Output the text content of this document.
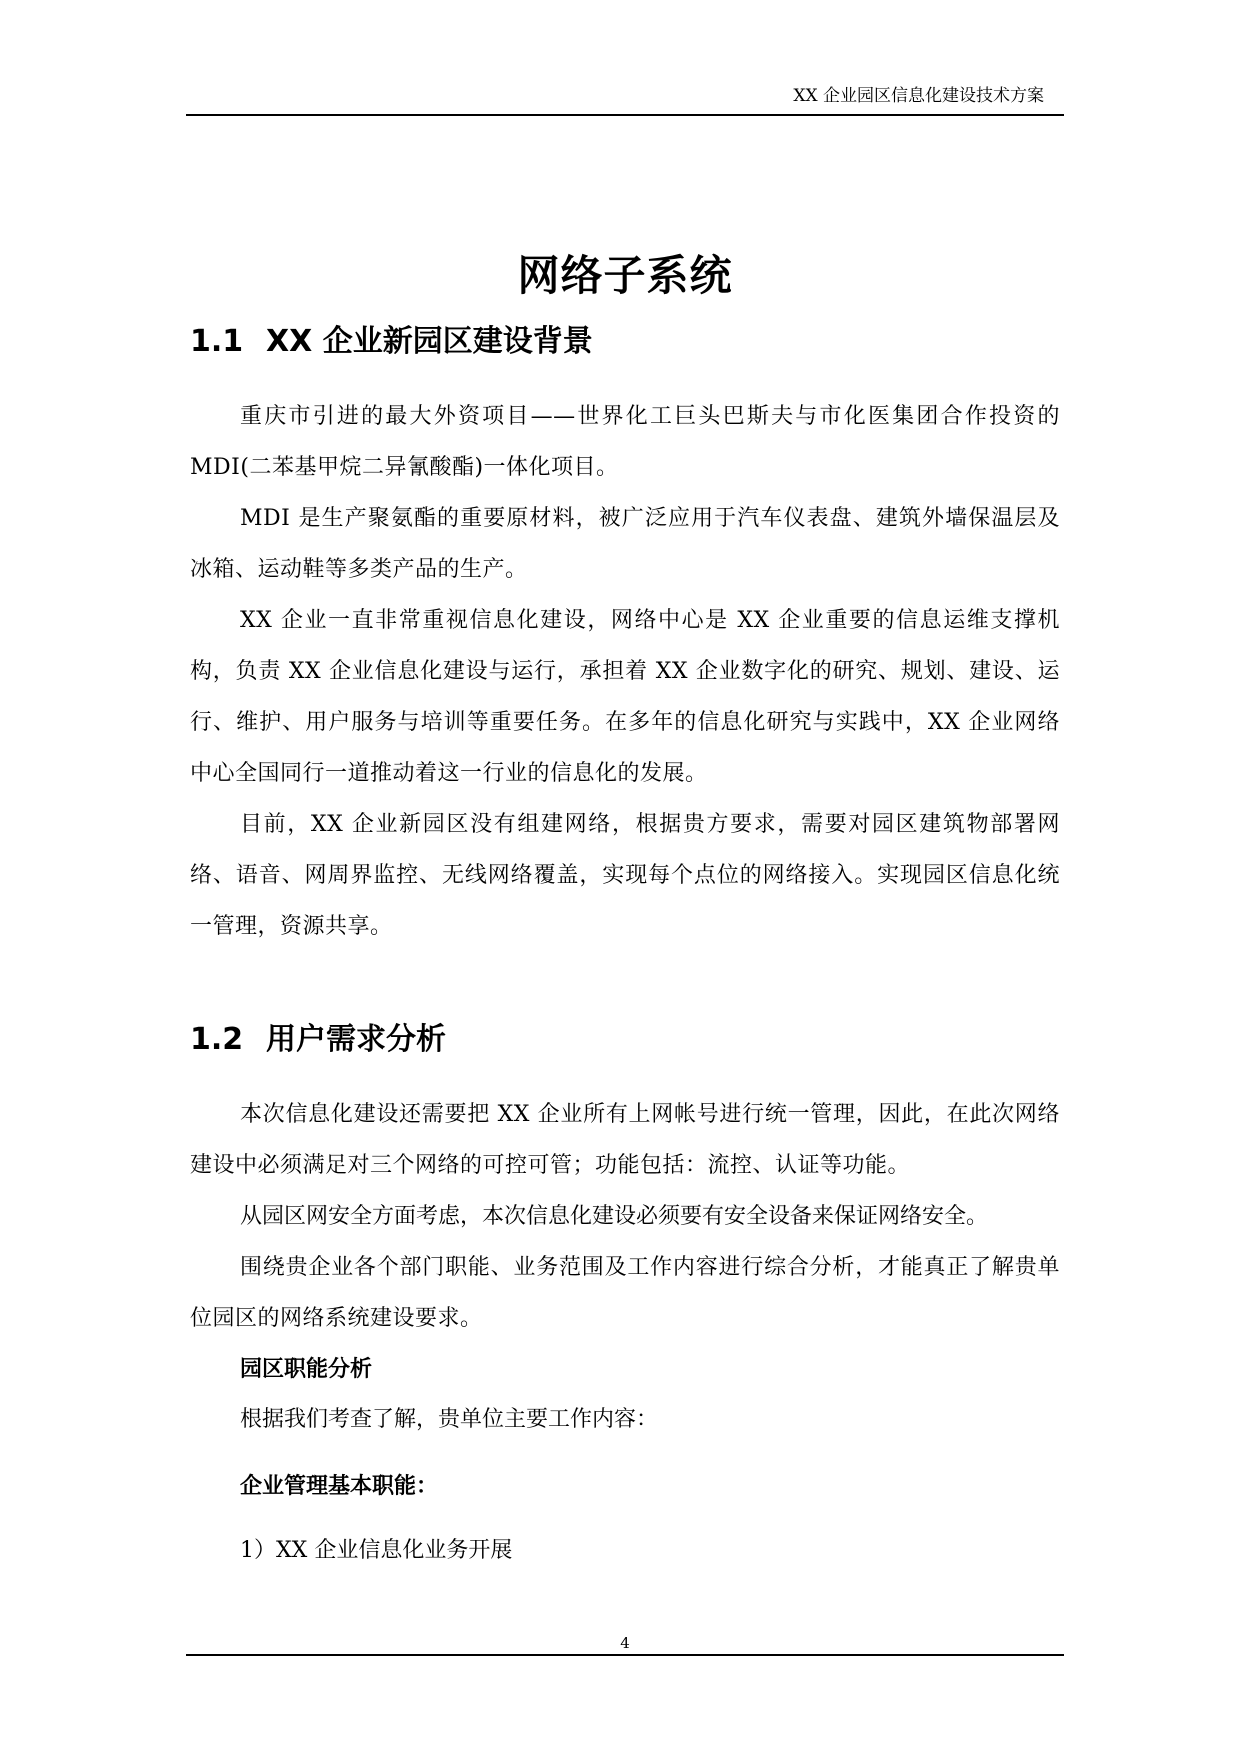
XX 企业园区信息化建设技术方案
网络子系统
1.1 XX 企业新园区建设背景

重庆市引进的最大外资项目——世界化工巨头巴斯夫与市化医集团合作投资的 MDI(二苯基甲烷二异氰酸酯)一体化项目。

MDI 是生产聚氨酯的重要原材料，被广泛应用于汽车仪表盘、建筑外墙保温层及冰箱、运动鞋等多类产品的生产。

XX 企业一直非常重视信息化建设，网络中心是 XX 企业重要的信息运维支撑机构，负责 XX 企业信息化建设与运行，承担着 XX 企业数字化的研究、规划、建设、运行、维护、用户服务与培训等重要任务。在多年的信息化研究与实践中，XX 企业网络中心全国同行一道推动着这一行业的信息化的发展。

目前，XX 企业新园区没有组建网络，根据贵方要求，需要对园区建筑物部署网络、语音、网周界监控、无线网络覆盖，实现每个点位的网络接入。实现园区信息化统一管理，资源共享。

1.2 用户需求分析

本次信息化建设还需要把 XX 企业所有上网帐号进行统一管理，因此，在此次网络建设中必须满足对三个网络的可控可管；功能包括：流控、认证等功能。

从园区网安全方面考虑，本次信息化建设必须要有安全设备来保证网络安全。

围绕贵企业各个部门职能、业务范围及工作内容进行综合分析，才能真正了解贵单位园区的网络系统建设要求。

园区职能分析
根据我们考查了解，贵单位主要工作内容：
企业管理基本职能：
1）XX 企业信息化业务开展
4
